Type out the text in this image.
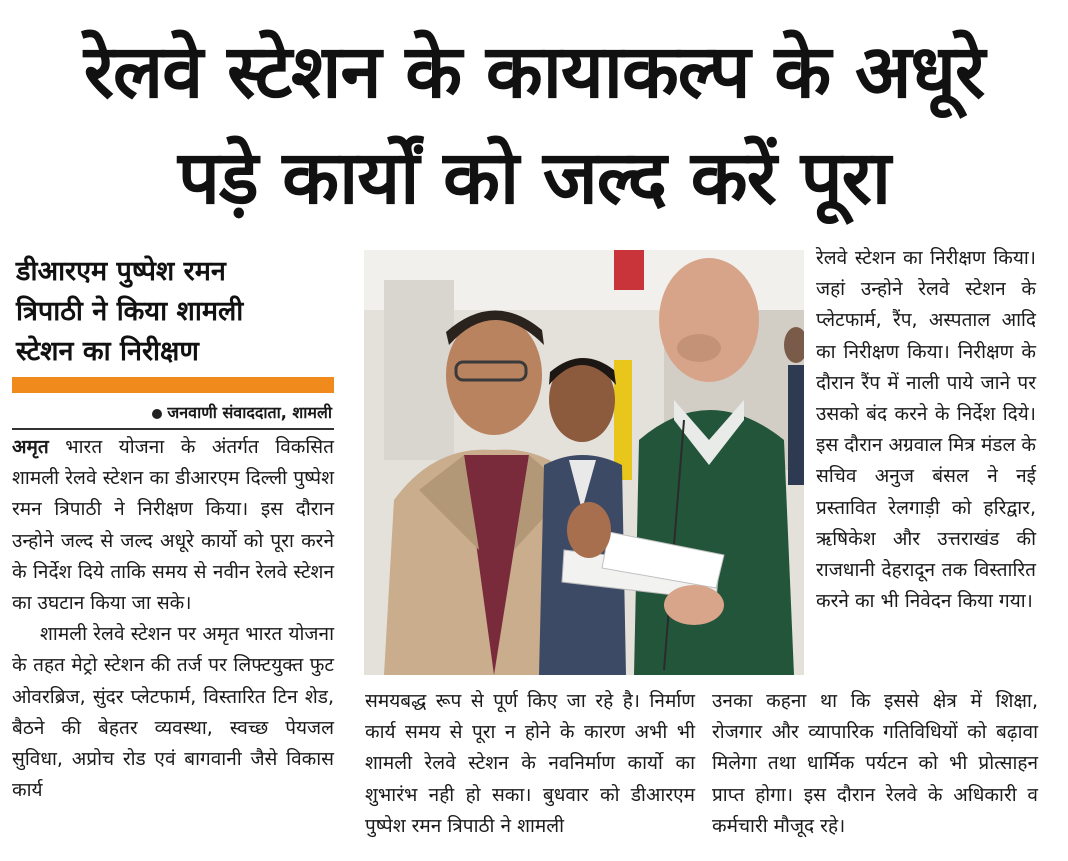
रेलवे स्टेशन के कायाकल्प के अधूरे
पड़े कार्यों को जल्द करें पूरा
डीआरएम पुष्पेश रमन
त्रिपाठी ने किया शामली
स्टेशन का निरीक्षण
जनवाणी संवाददाता, शामली

अमृत भारत योजना के अंतर्गत विकसित शामली रेलवे स्टेशन का डीआरएम दिल्ली पुष्पेश रमन त्रिपाठी ने निरीक्षण किया। इस दौरान उन्होने जल्द से जल्द अधूरे कार्यो को पूरा करने के निर्देश दिये ताकि समय से नवीन रेलवे स्टेशन का उघटान किया जा सके।

शामली रेलवे स्टेशन पर अमृत भारत योजना के तहत मेट्रो स्टेशन की तर्ज पर लिफ्टयुक्त फुट ओवरब्रिज, सुंदर प्लेटफार्म, विस्तारित टिन शेड, बैठने की बेहतर व्यवस्था, स्वच्छ पेयजल सुविधा, अप्रोच रोड एवं बागवानी जैसे विकास कार्य

रेलवे स्टेशन का निरीक्षण किया। जहां उन्होने रेलवे स्टेशन के प्लेटफार्म, रैंप, अस्पताल आदि का निरीक्षण किया। निरीक्षण के दौरान रैंप में नाली पाये जाने पर उसको बंद करने के निर्देश दिये। इस दौरान अग्रवाल मित्र मंडल के सचिव अनुज बंसल ने नई प्रस्तावित रेलगाड़ी को हरिद्वार, ऋषिकेश और उत्तराखंड की राजधानी देहरादून तक विस्तारित करने का भी निवेदन किया गया।

समयबद्ध रूप से पूर्ण किए जा रहे है। निर्माण कार्य समय से पूरा न होने के कारण अभी भी शामली रेलवे स्टेशन के नवनिर्माण कार्यो का शुभारंभ नही हो सका। बुधवार को डीआरएम पुष्पेश रमन त्रिपाठी ने शामली

उनका कहना था कि इससे क्षेत्र में शिक्षा, रोजगार और व्यापारिक गतिविधियों को बढ़ावा मिलेगा तथा धार्मिक पर्यटन को भी प्रोत्साहन प्राप्त होगा। इस दौरान रेलवे के अधिकारी व कर्मचारी मौजूद रहे।
